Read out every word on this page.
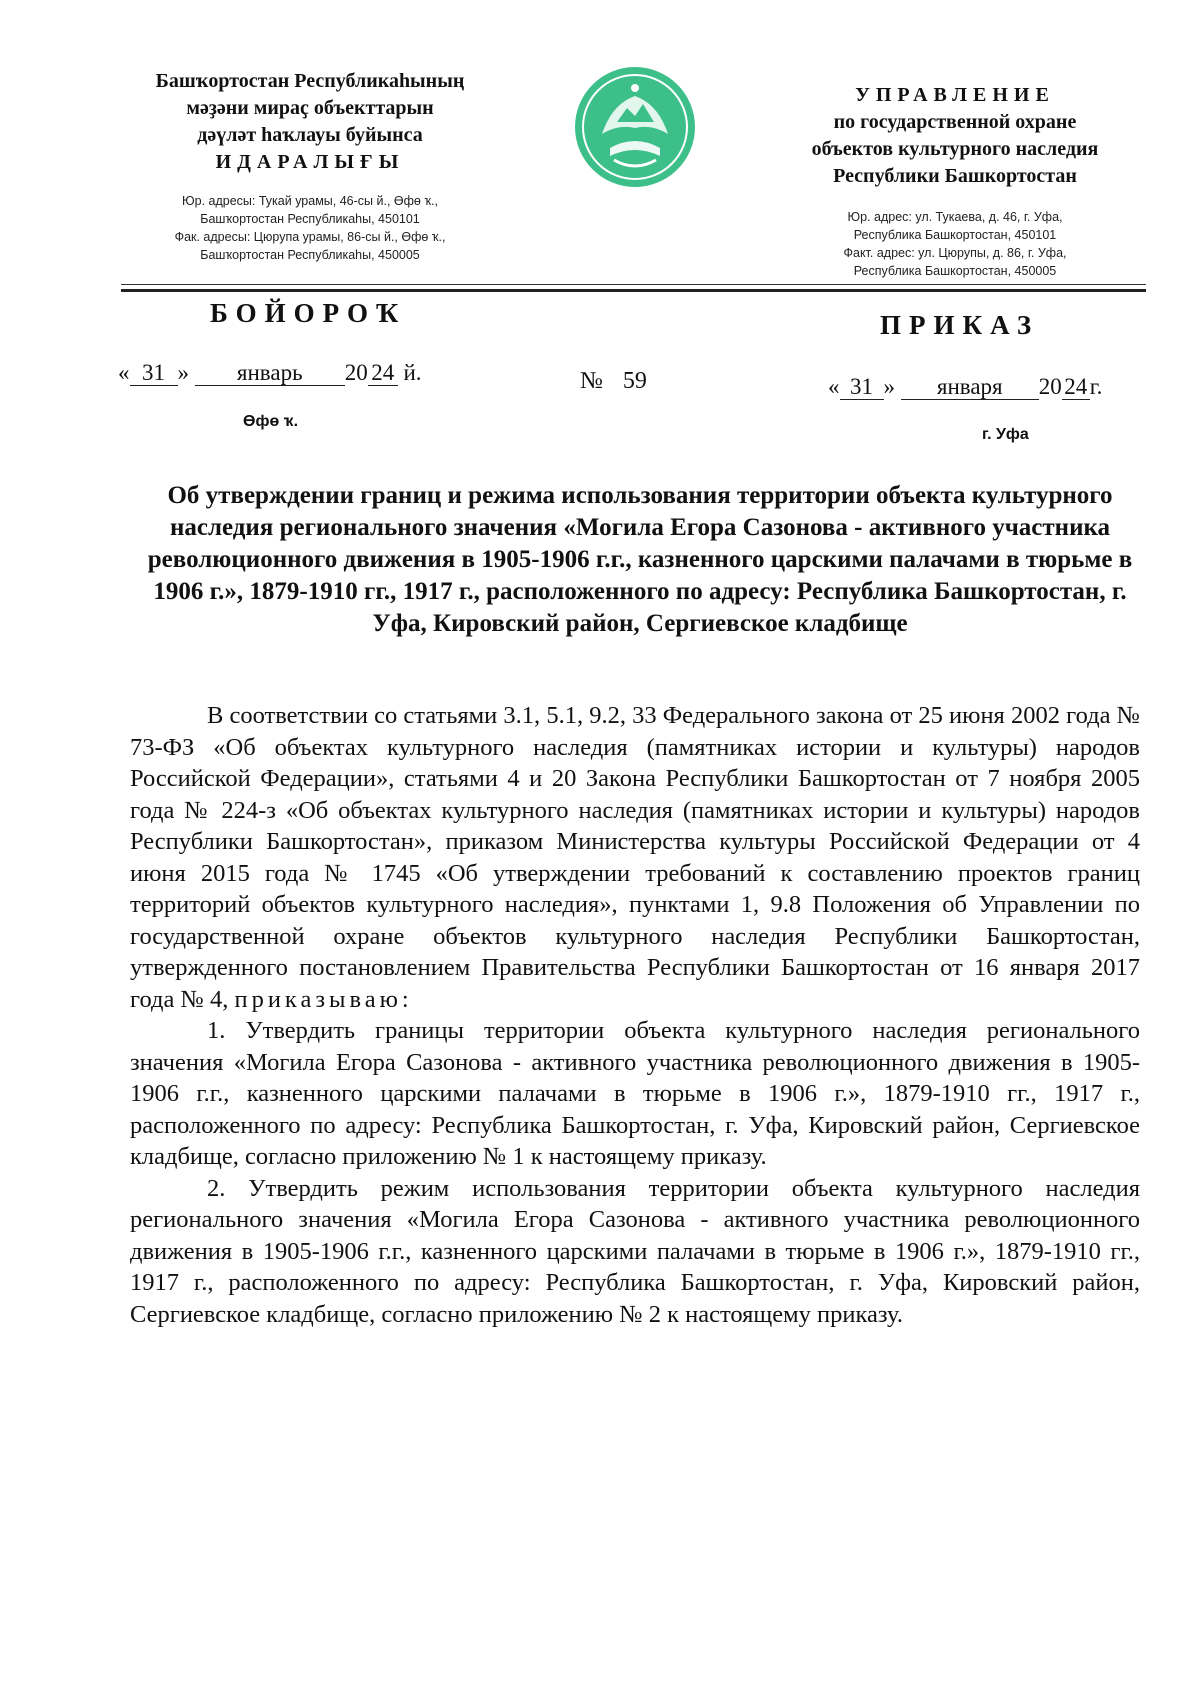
Башҡортостан Республикаһының
мәҙәни мираҫ объекттарын
дәүләт һаҡлауы буйынса
ИДАРАЛЫҒЫ
Юр. адресы: Тукай урамы, 46-сы й., Өфө ҡ.,
Башҡортостан Республикаһы, 450101
Фак. адресы: Цюрупа урамы, 86-сы й., Өфө ҡ.,
Башҡортостан Республикаһы, 450005
УПРАВЛЕНИЕ
по государственной охране
объектов культурного наследия
Республики Башкортостан
Юр. адрес: ул. Тукаева, д. 46, г. Уфа,
Республика Башкортостан, 450101
Факт. адрес: ул. Цюрупы, д. 86, г. Уфа,
Республика Башкортостан, 450005
БОЙОРОҠ	ПРИКАЗ
« 31 » январь 20 24 й.	№ 59	« 31 » января 20 24 г.
Өфө ҡ.
г. Уфа
Об утверждении границ и режима использования территории объекта культурного наследия регионального значения «Могила Егора Сазонова - активного участника революционного движения в 1905-1906 г.г., казненного царскими палачами в тюрьме в 1906 г.», 1879-1910 гг., 1917 г., расположенного по адресу: Республика Башкортостан, г. Уфа, Кировский район, Сергиевское кладбище

В соответствии со статьями 3.1, 5.1, 9.2, 33 Федерального закона от 25 июня 2002 года № 73-ФЗ «Об объектах культурного наследия (памятниках истории и культуры) народов Российской Федерации», статьями 4 и 20 Закона Республики Башкортостан от 7 ноября 2005 года № 224-з «Об объектах культурного наследия (памятниках истории и культуры) народов Республики Башкортостан», приказом Министерства культуры Российской Федерации от 4 июня 2015 года № 1745 «Об утверждении требований к составлению проектов границ территорий объектов культурного наследия», пунктами 1, 9.8 Положения об Управлении по государственной охране объектов культурного наследия Республики Башкортостан, утвержденного постановлением Правительства Республики Башкортостан от 16 января 2017 года № 4, приказываю:

1. Утвердить границы территории объекта культурного наследия регионального значения «Могила Егора Сазонова - активного участника революционного движения в 1905-1906 г.г., казненного царскими палачами в тюрьме в 1906 г.», 1879-1910 гг., 1917 г., расположенного по адресу: Республика Башкортостан, г. Уфа, Кировский район, Сергиевское кладбище, согласно приложению № 1 к настоящему приказу.

2. Утвердить режим использования территории объекта культурного наследия регионального значения «Могила Егора Сазонова - активного участника революционного движения в 1905-1906 г.г., казненного царскими палачами в тюрьме в 1906 г.», 1879-1910 гг., 1917 г., расположенного по адресу: Республика Башкортостан, г. Уфа, Кировский район, Сергиевское кладбище, согласно приложению № 2 к настоящему приказу.
